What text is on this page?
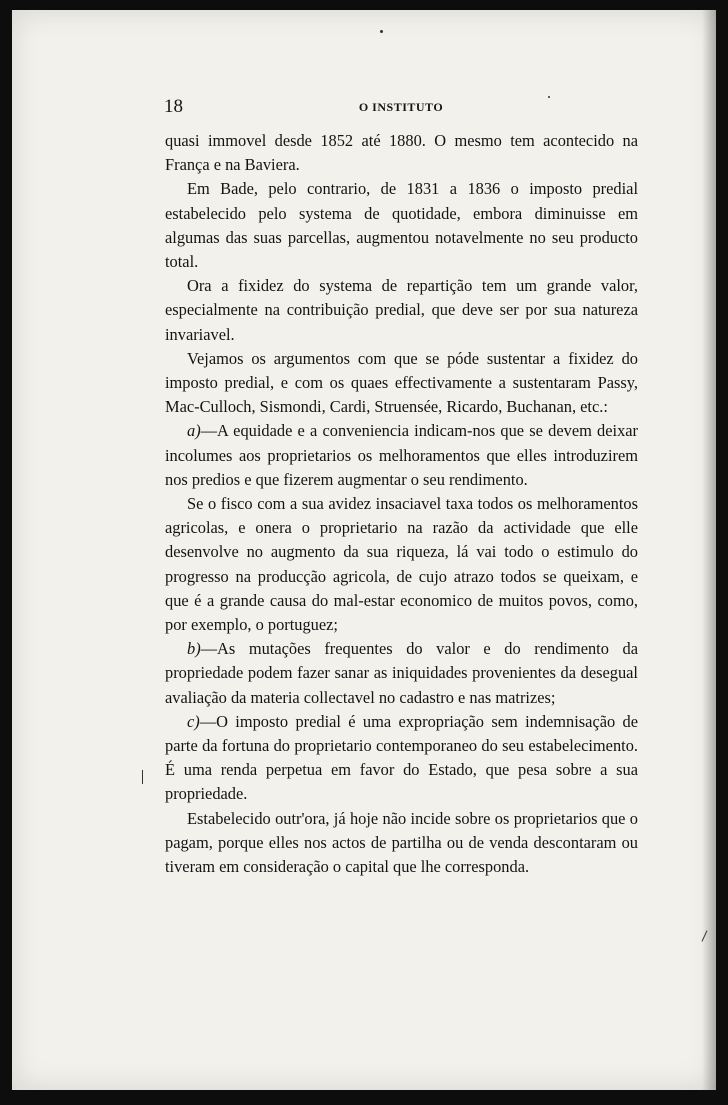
18	O INSTITUTO

quasi immovel desde 1852 até 1880. O mesmo tem acontecido na França e na Baviera.

Em Bade, pelo contrario, de 1831 a 1836 o imposto predial estabelecido pelo systema de quotidade, embora diminuisse em algumas das suas parcellas, augmentou notavelmente no seu producto total.

Ora a fixidez do systema de repartição tem um grande valor, especialmente na contribuição predial, que deve ser por sua natureza invariavel.

Vejamos os argumentos com que se póde sustentar a fixidez do imposto predial, e com os quaes effectivamente a sustentaram Passy, Mac-Culloch, Sismondi, Cardi, Struensée, Ricardo, Buchanan, etc.:

a)—A equidade e a conveniencia indicam-nos que se devem deixar incolumes aos proprietarios os melhoramentos que elles introduzirem nos predios e que fizerem augmentar o seu rendimento.

Se o fisco com a sua avidez insaciavel taxa todos os melhoramentos agricolas, e onera o proprietario na razão da actividade que elle desenvolve no augmento da sua riqueza, lá vai todo o estimulo do progresso na producção agricola, de cujo atrazo todos se queixam, e que é a grande causa do mal-estar economico de muitos povos, como, por exemplo, o portuguez;

b)—As mutações frequentes do valor e do rendimento da propriedade podem fazer sanar as iniquidades provenientes da desegual avaliação da materia collectavel no cadastro e nas matrizes;

c)—O imposto predial é uma expropriação sem indemnisação de parte da fortuna do proprietario contemporaneo do seu estabelecimento. É uma renda perpetua em favor do Estado, que pesa sobre a sua propriedade.

Estabelecido outr'ora, já hoje não incide sobre os proprietarios que o pagam, porque elles nos actos de partilha ou de venda descontaram ou tiveram em consideração o capital que lhe corresponda.
